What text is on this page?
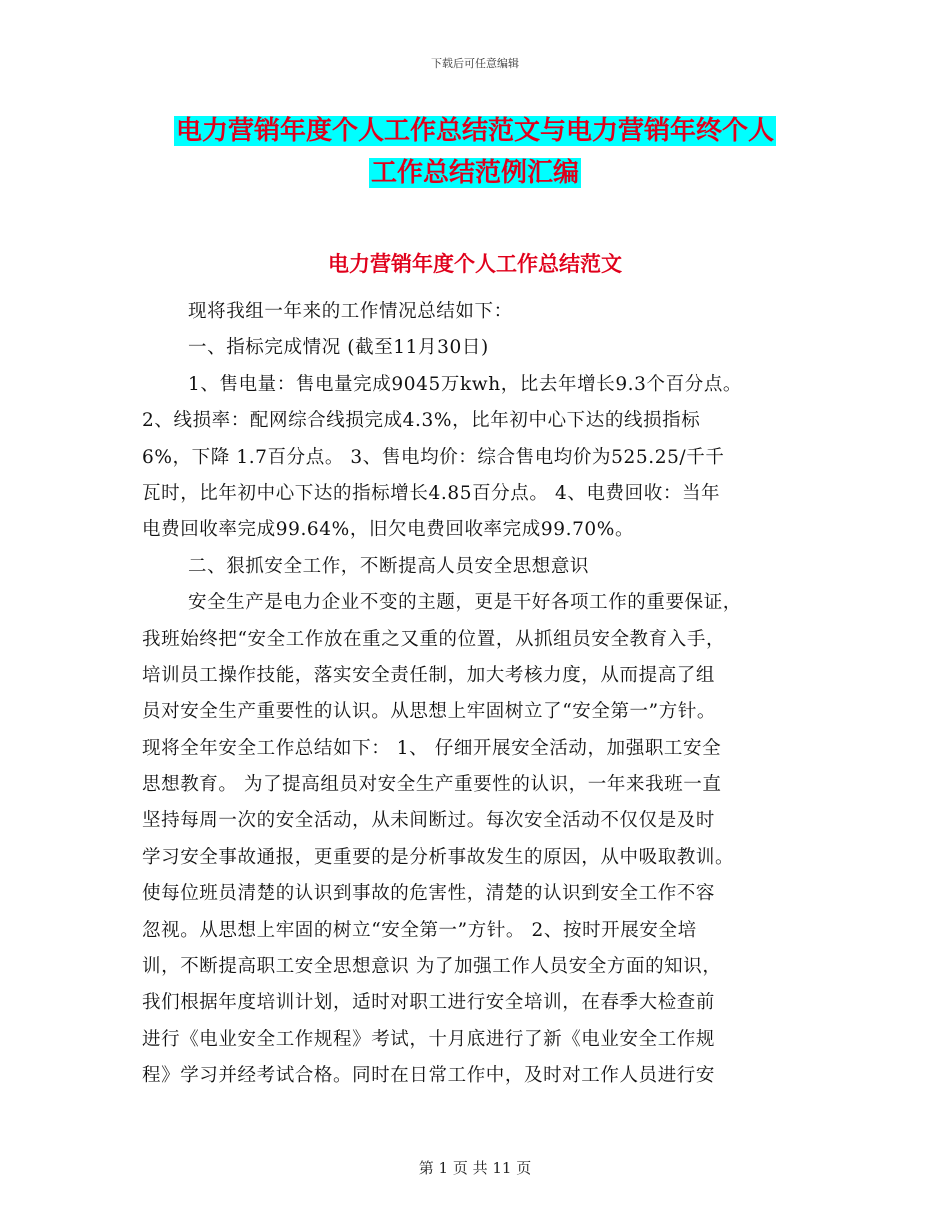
下载后可任意编辑
电力营销年度个人工作总结范文与电力营销年终个人
工作总结范例汇编
电力营销年度个人工作总结范文
现将我组一年来的工作情况总结如下：
一、指标完成情况 (截至11月30日)
1、售电量：售电量完成9045万kwh，比去年增长9.3个百分点。
2、线损率：配网综合线损完成4.3%，比年初中心下达的线损指标
6%，下降 1.7百分点。 3、售电均价：综合售电均价为525.25/千千
瓦时，比年初中心下达的指标增长4.85百分点。 4、电费回收：当年
电费回收率完成99.64%，旧欠电费回收率完成99.70%。
二、狠抓安全工作，不断提高人员安全思想意识
安全生产是电力企业不变的主题，更是干好各项工作的重要保证，
我班始终把“安全工作放在重之又重的位置，从抓组员安全教育入手，
培训员工操作技能，落实安全责任制，加大考核力度，从而提高了组
员对安全生产重要性的认识。从思想上牢固树立了“安全第一”方针。
现将全年安全工作总结如下： 1、 仔细开展安全活动，加强职工安全
思想教育。 为了提高组员对安全生产重要性的认识，一年来我班一直
坚持每周一次的安全活动，从未间断过。每次安全活动不仅仅是及时
学习安全事故通报，更重要的是分析事故发生的原因，从中吸取教训。
使每位班员清楚的认识到事故的危害性，清楚的认识到安全工作不容
忽视。从思想上牢固的树立“安全第一”方针。 2、按时开展安全培
训，不断提高职工安全思想意识 为了加强工作人员安全方面的知识，
我们根据年度培训计划，适时对职工进行安全培训，在春季大检查前
进行《电业安全工作规程》考试，十月底进行了新《电业安全工作规
程》学习并经考试合格。同时在日常工作中，及时对工作人员进行安
第 1 页 共 11 页
